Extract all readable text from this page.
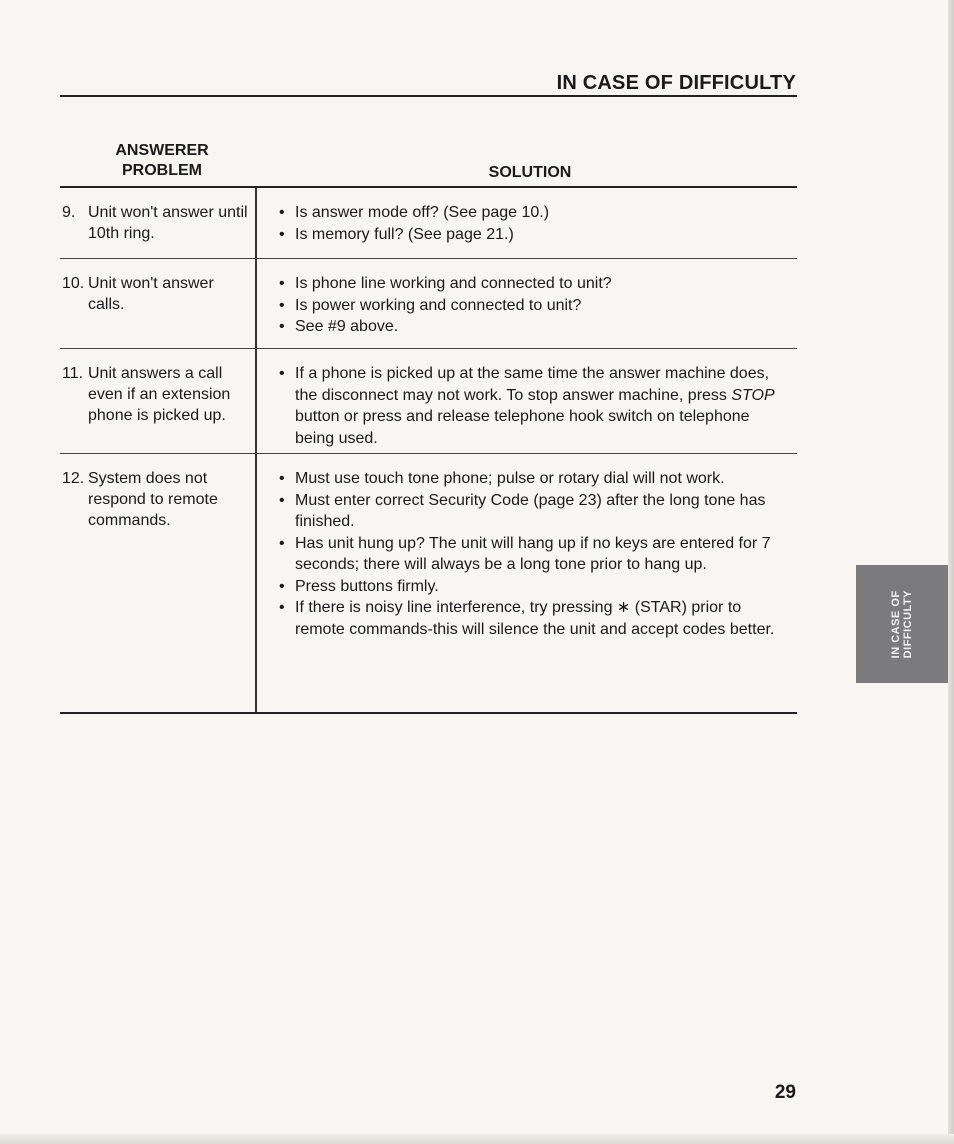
IN CASE OF DIFFICULTY
ANSWERER
PROBLEM	SOLUTION
9. Unit won't answer until 10th ring.
• Is answer mode off? (See page 10.)
• Is memory full? (See page 21.)
10. Unit won't answer calls.
• Is phone line working and connected to unit?
• Is power working and connected to unit?
• See #9 above.
11. Unit answers a call even if an extension phone is picked up.
• If a phone is picked up at the same time the answer machine does, the disconnect may not work. To stop answer machine, press STOP button or press and release telephone hook switch on telephone being used.
12. System does not respond to remote commands.
• Must use touch tone phone; pulse or rotary dial will not work.
• Must enter correct Security Code (page 23) after the long tone has finished.
• Has unit hung up? The unit will hang up if no keys are entered for 7 seconds; there will always be a long tone prior to hang up.
• Press buttons firmly.
• If there is noisy line interference, try pressing ∗ (STAR) prior to remote commands-this will silence the unit and accept codes better.	IN CASE OF DIFFICULTY
29
